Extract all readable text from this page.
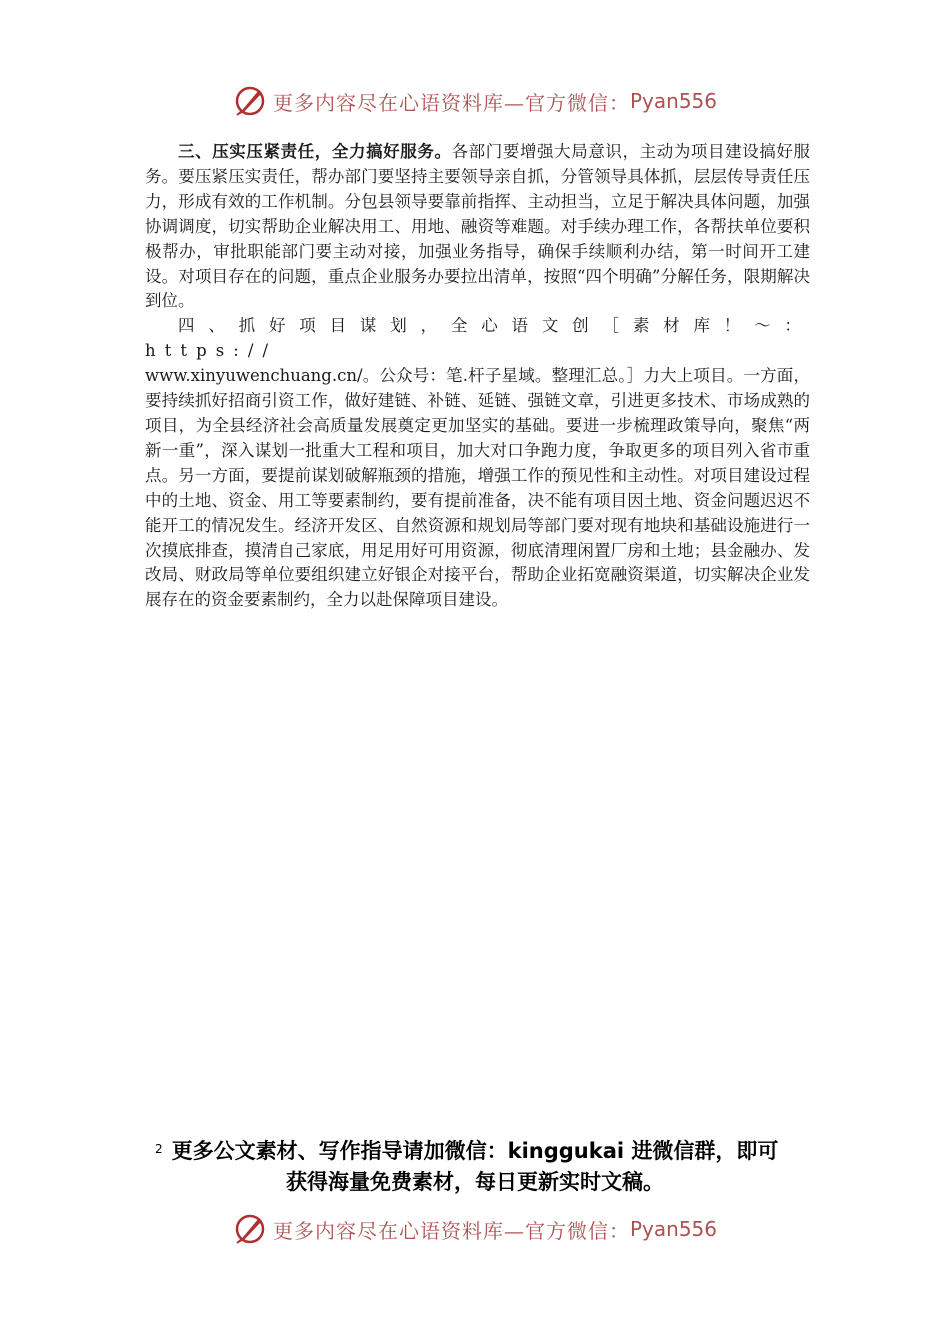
更多内容尽在心语资料库—官方微信： Pyan556

三、压实压紧责任，全力搞好服务。各部门要增强大局意识，主动为项目建设搞好服务。要压紧压实责任，帮办部门要坚持主要领导亲自抓，分管领导具体抓，层层传导责任压力，形成有效的工作机制。分包县领导要靠前指挥、主动担当，立足于解决具体问题，加强协调调度，切实帮助企业解决用工、用地、融资等难题。对手续办理工作，各帮扶单位要积极帮办，审批职能部门要主动对接，加强业务指导，确保手续顺利办结，第一时间开工建设。对项目存在的问题，重点企业服务办要拉出清单，按照“四个明确”分解任务，限期解决到位。

四、抓好项目谋划，全心语文创［素材库！～：https://
www.xinyuwenchuang.cn/。公众号：笔.杆子星域。整理汇总。］力大上项目。一方面，要持续抓好招商引资工作，做好建链、补链、延链、强链文章，引进更多技术、市场成熟的项目，为全县经济社会高质量发展奠定更加坚实的基础。要进一步梳理政策导向，聚焦“两新一重”，深入谋划一批重大工程和项目，加大对口争跑力度，争取更多的项目列入省市重点。另一方面，要提前谋划破解瓶颈的措施，增强工作的预见性和主动性。对项目建设过程中的土地、资金、用工等要素制约，要有提前准备，决不能有项目因土地、资金问题迟迟不能开工的情况发生。经济开发区、自然资源和规划局等部门要对现有地块和基础设施进行一次摸底排查，摸清自己家底，用足用好可用资源，彻底清理闲置厂房和土地；县金融办、发改局、财政局等单位要组织建立好银企对接平台，帮助企业拓宽融资渠道，切实解决企业发展存在的资金要素制约，全力以赴保障项目建设。

2 更多公文素材、写作指导请加微信：kinggukai 进微信群，即可
获得海量免费素材，每日更新实时文稿。
更多内容尽在心语资料库—官方微信： Pyan556
